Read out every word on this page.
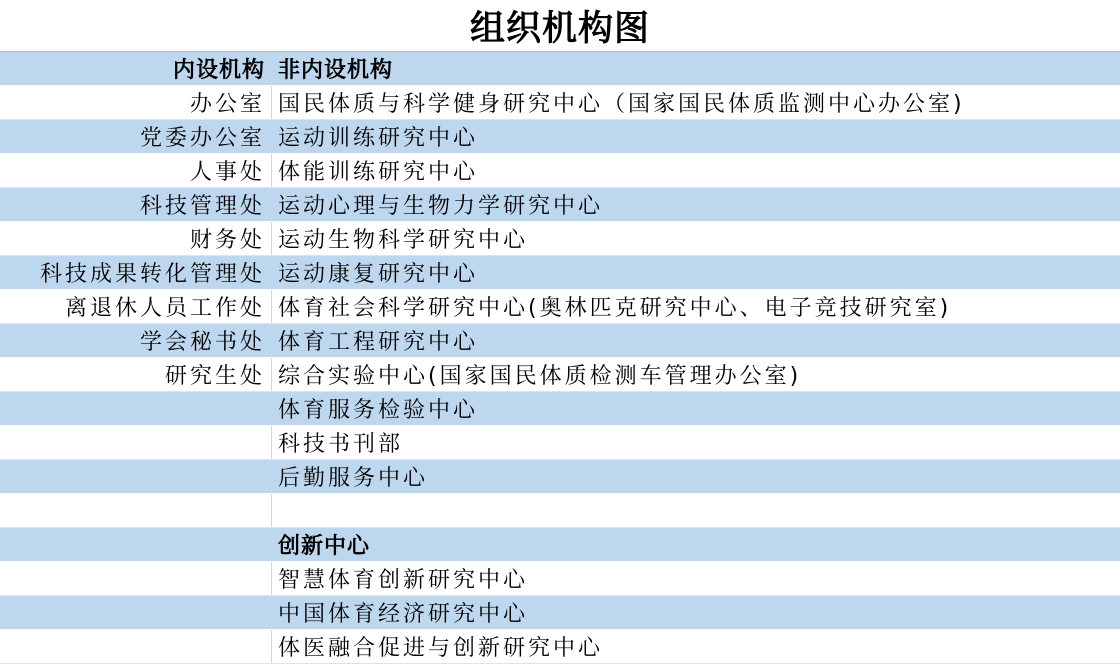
组织机构图
内设机构 非内设机构
办公室 国民体质与科学健身研究中心（国家国民体质监测中心办公室)
党委办公室 运动训练研究中心
人事处 体能训练研究中心
科技管理处 运动心理与生物力学研究中心
财务处 运动生物科学研究中心
科技成果转化管理处 运动康复研究中心
离退休人员工作处 体育社会科学研究中心(奥林匹克研究中心、电子竞技研究室)
学会秘书处 体育工程研究中心
研究生处 综合实验中心(国家国民体质检测车管理办公室)
体育服务检验中心
科技书刊部
后勤服务中心
创新中心
智慧体育创新研究中心
中国体育经济研究中心
体医融合促进与创新研究中心
